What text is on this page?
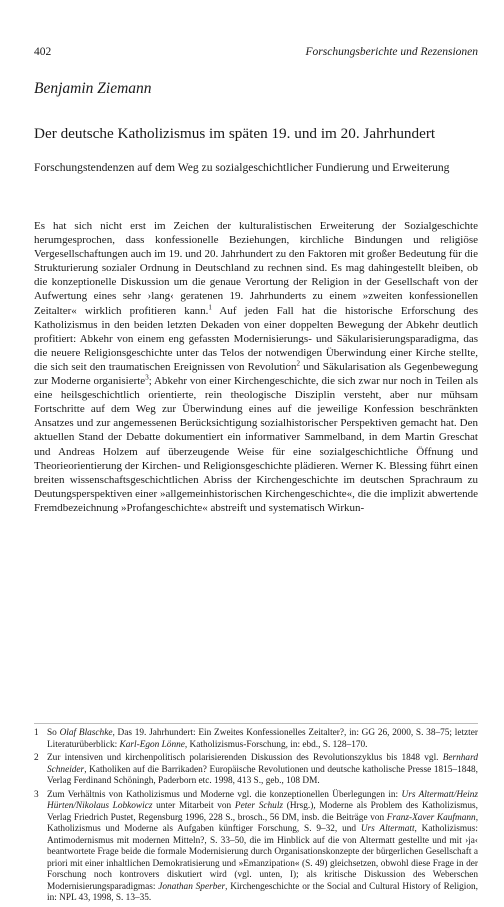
402	Forschungsberichte und Rezensionen
Benjamin Ziemann
Der deutsche Katholizismus im späten 19. und im 20. Jahrhundert
Forschungstendenzen auf dem Weg zu sozialgeschichtlicher Fundierung und Erweiterung
Es hat sich nicht erst im Zeichen der kulturalistischen Erweiterung der Sozialgeschichte herumgesprochen, dass konfessionelle Beziehungen, kirchliche Bindungen und religiöse Vergesellschaftungen auch im 19. und 20. Jahrhundert zu den Faktoren mit großer Bedeutung für die Strukturierung sozialer Ordnung in Deutschland zu rechnen sind. Es mag dahingestellt bleiben, ob die konzeptionelle Diskussion um die genaue Verortung der Religion in der Gesellschaft von der Aufwertung eines sehr ›lang‹ geratenen 19. Jahrhunderts zu einem »zweiten konfessionellen Zeitalter« wirklich profitieren kann.$^1$ Auf jeden Fall hat die historische Erforschung des Katholizismus in den beiden letzten Dekaden von einer doppelten Bewegung der Abkehr deutlich profitiert: Abkehr von einem eng gefassten Modernisierungs- und Säkularisierungsparadigma, das die neuere Religionsgeschichte unter das Telos der notwendigen Überwindung einer Kirche stellte, die sich seit den traumatischen Ereignissen von Revolution$^2$ und Säkularisation als Gegenbewegung zur Moderne organisierte$^3$; Abkehr von einer Kirchengeschichte, die sich zwar nur noch in Teilen als eine heilsgeschichtlich orientierte, rein theologische Disziplin versteht, aber nur mühsam Fortschritte auf dem Weg zur Überwindung eines auf die jeweilige Konfession beschränkten Ansatzes und zur angemessenen Berücksichtigung sozialhistorischer Perspektiven gemacht hat. Den aktuellen Stand der Debatte dokumentiert ein informativer Sammelband, in dem Martin Greschat und Andreas Holzem auf überzeugende Weise für eine sozialgeschichtliche Öffnung und Theorieorientierung der Kirchen- und Religionsgeschichte plädieren. Werner K. Blessing führt einen breiten wissenschaftsgeschichtlichen Abriss der Kirchengeschichte im deutschen Sprachraum zu Deutungsperspektiven einer »allgemeinhistorischen Kirchengeschichte«, die die implizit abwertende Fremdbezeichnung »Profangeschichte« abstreift und systematisch Wirkun-
1 So Olaf Blaschke, Das 19. Jahrhundert: Ein Zweites Konfessionelles Zeitalter?, in: GG 26, 2000, S. 38–75; letzter Literaturüberblick: Karl-Egon Lönne, Katholizismus-Forschung, in: ebd., S. 128–170.
2 Zur intensiven und kirchenpolitisch polarisierenden Diskussion des Revolutionszyklus bis 1848 vgl. Bernhard Schneider, Katholiken auf die Barrikaden? Europäische Revolutionen und deutsche katholische Presse 1815–1848, Verlag Ferdinand Schöningh, Paderborn etc. 1998, 413 S., geb., 108 DM.
3 Zum Verhältnis von Katholizismus und Moderne vgl. die konzeptionellen Überlegungen in: Urs Altermatt/Heinz Hürten/Nikolaus Lobkowicz unter Mitarbeit von Peter Schulz (Hrsg.), Moderne als Problem des Katholizismus, Verlag Friedrich Pustet, Regensburg 1996, 228 S., brosch., 56 DM, insb. die Beiträge von Franz-Xaver Kaufmann, Katholizismus und Moderne als Aufgaben künftiger Forschung, S. 9–32, und Urs Altermatt, Katholizismus: Antimodernismus mit modernen Mitteln?, S. 33–50, die im Hinblick auf die von Altermatt gestellte und mit ›ja‹ beantwortete Frage beide die formale Modernisierung durch Organisationskonzepte der bürgerlichen Gesellschaft a priori mit einer inhaltlichen Demokratisierung und »Emanzipation« (S. 49) gleichsetzen, obwohl diese Frage in der Forschung noch kontrovers diskutiert wird (vgl. unten, I); als kritische Diskussion des Weberschen Modernisierungsparadigmas: Jonathan Sperber, Kirchengeschichte or the Social and Cultural History of Religion, in: NPL 43, 1998, S. 13–35.
